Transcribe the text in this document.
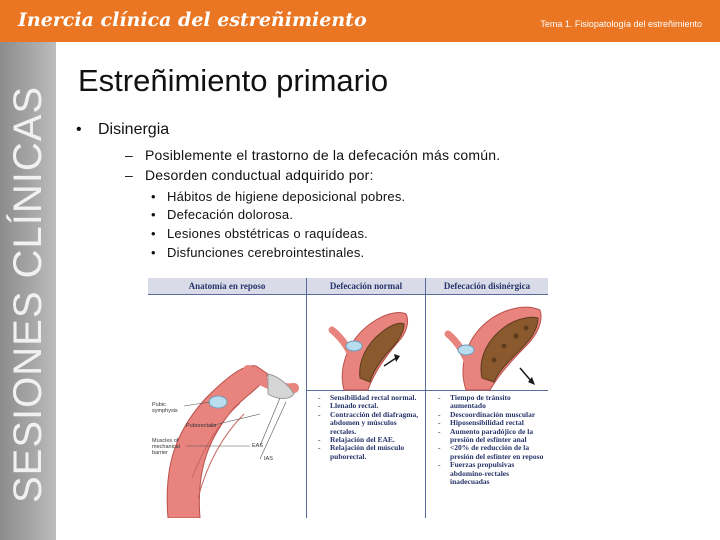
Inercia clínica del estreñimiento	Tema 1. Fisiopatología del estreñimiento
SESIONES CLÍNICAS
Estreñimiento primario
• Disinergia
– Posiblemente el trastorno de la defecación más común.
– Desorden conductual adquirido por:
• Hábitos de higiene deposicional pobres.
• Defecación dolorosa.
• Lesiones obstétricas o raquídeas.
• Disfunciones cerebrointestinales.
Anatomía en reposo	Defecación normal	Defecación disinérgica
Pubic symphysis
Puborectalis
Muscles of mechanical barrier
EAS
IAS
-	Sensibilidad rectal normal.
-	Llenado rectal.
-	Contracción del diafragma, abdomen y músculos rectales.
-	Relajación del EAE.
-	Relajación del músculo puborectal.
-	Tiempo de tránsito aumentado
-	Descoordinación muscular
-	Hiposensibilidad rectal
-	Aumento paradójico de la presión del esfínter anal
-	<20% de reducción de la presión del esfínter en reposo
-	Fuerzas propulsivas abdomino-rectales inadecuadas
